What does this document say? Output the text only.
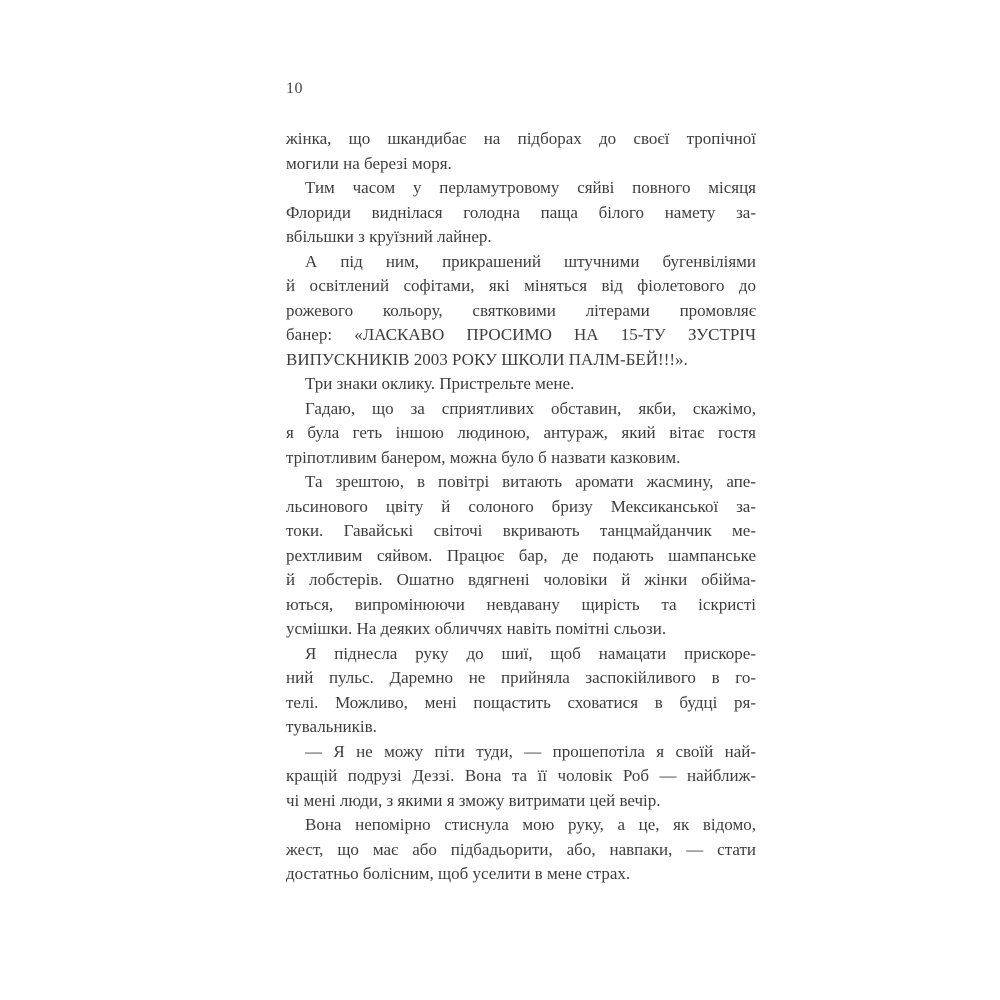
10
жінка, що шкандибає на підборах до своєї тропічної
могили на березі моря.
Тим часом у перламутровому сяйві повного місяця
Флориди виднілася голодна паща білого намету за-
вбільшки з круїзний лайнер.
А під ним, прикрашений штучними бугенвіліями
й освітлений софітами, які міняться від фіолетового до
рожевого кольору, святковими літерами промовляє
банер: «ЛАСКАВО ПРОСИМО НА 15-ТУ ЗУСТРІЧ
ВИПУСКНИКІВ 2003 РОКУ ШКОЛИ ПАЛМ-БЕЙ!!!».
Три знаки оклику. Пристрельте мене.
Гадаю, що за сприятливих обставин, якби, скажімо,
я була геть іншою людиною, антураж, який вітає гостя
тріпотливим банером, можна було б назвати казковим.
Та зрештою, в повітрі витають аромати жасмину, апе-
льсинового цвіту й солоного бризу Мексиканської за-
токи. Гавайські світочі вкривають танцмайданчик ме-
рехтливим сяйвом. Працює бар, де подають шампанське
й лобстерів. Ошатно вдягнені чоловіки й жінки обійма-
ються, випромінюючи невдавану щирість та іскристі
усмішки. На деяких обличчях навіть помітні сльози.
Я піднесла руку до шиї, щоб намацати прискоре-
ний пульс. Даремно не прийняла заспокійливого в го-
телі. Можливо, мені пощастить сховатися в будці ря-
тувальників.
— Я не можу піти туди, — прошепотіла я своїй най-
кращій подрузі Деззі. Вона та її чоловік Роб — найближ-
чі мені люди, з якими я зможу витримати цей вечір.
Вона непомірно стиснула мою руку, а це, як відомо,
жест, що має або підбадьорити, або, навпаки, — стати
достатньо болісним, щоб уселити в мене страх.
